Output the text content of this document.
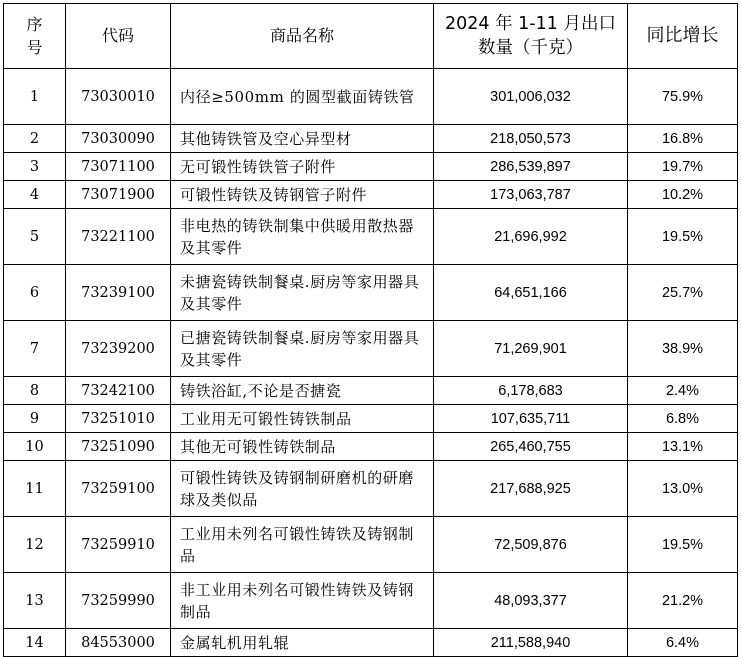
序号	代码	商品名称	2024 年 1-11 月出口数量（千克）	同比增长
1	73030010	内径≥500mm 的圆型截面铸铁管	301,006,032	75.9%
2	73030090	其他铸铁管及空心异型材	218,050,573	16.8%
3	73071100	无可锻性铸铁管子附件	286,539,897	19.7%
4	73071900	可锻性铸铁及铸钢管子附件	173,063,787	10.2%
5	73221100	非电热的铸铁制集中供暖用散热器及其零件	21,696,992	19.5%
6	73239100	未搪瓷铸铁制餐桌.厨房等家用器具及其零件	64,651,166	25.7%
7	73239200	已搪瓷铸铁制餐桌.厨房等家用器具及其零件	71,269,901	38.9%
8	73242100	铸铁浴缸,不论是否搪瓷	6,178,683	2.4%
9	73251010	工业用无可锻性铸铁制品	107,635,711	6.8%
10	73251090	其他无可锻性铸铁制品	265,460,755	13.1%
11	73259100	可锻性铸铁及铸钢制研磨机的研磨球及类似品	217,688,925	13.0%
12	73259910	工业用未列名可锻性铸铁及铸钢制品	72,509,876	19.5%
13	73259990	非工业用未列名可锻性铸铁及铸钢制品	48,093,377	21.2%
14	84553000	金属轧机用轧辊	211,588,940	6.4%
